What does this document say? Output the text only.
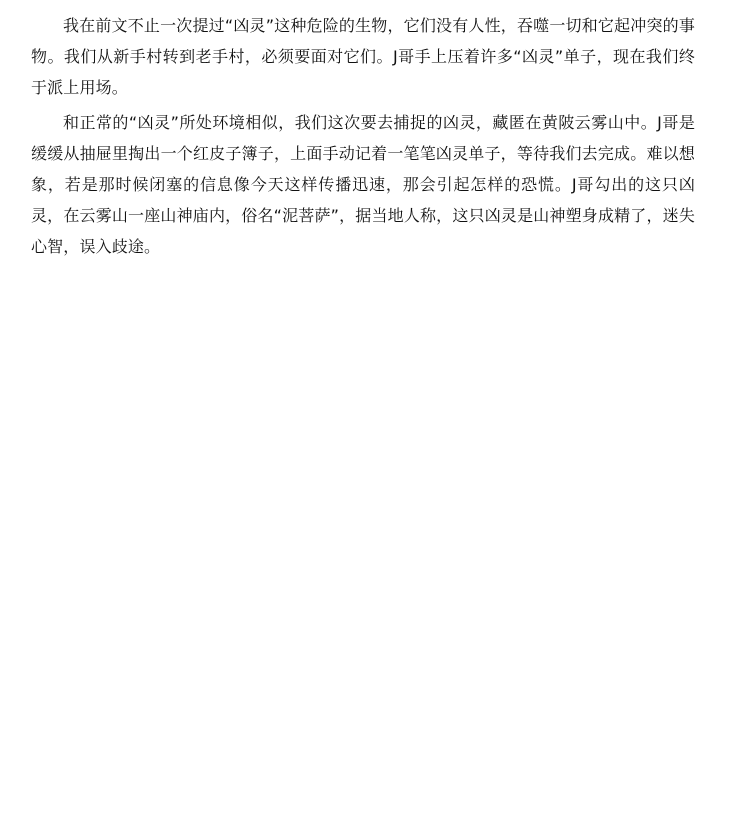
我在前文不止一次提过“凶灵”这种危险的生物，它们没有人性，吞噬一切和它起冲突的事物。我们从新手村转到老手村，必须要面对它们。J哥手上压着许多“凶灵”单子，现在我们终于派上用场。

和正常的“凶灵”所处环境相似，我们这次要去捕捉的凶灵，藏匿在黄陂云雾山中。J哥是缓缓从抽屉里掏出一个红皮子簿子，上面手动记着一笔笔凶灵单子，等待我们去完成。难以想象，若是那时候闭塞的信息像今天这样传播迅速，那会引起怎样的恐慌。J哥勾出的这只凶灵，在云雾山一座山神庙内，俗名“泥菩萨”，据当地人称，这只凶灵是山神塑身成精了，迷失心智，误入歧途。
